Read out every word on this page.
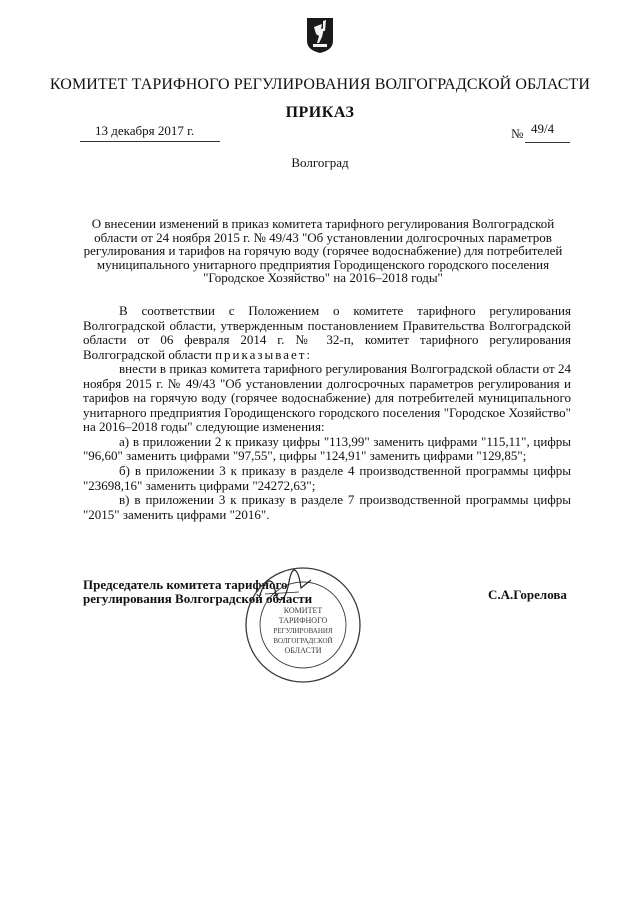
КОМИТЕТ ТАРИФНОГО РЕГУЛИРОВАНИЯ ВОЛГОГРАДСКОЙ ОБЛАСТИ
ПРИКАЗ
13 декабря 2017 г.	№ 49/4
Волгоград
О внесении изменений в приказ комитета тарифного регулирования Волгоградской
области от 24 ноября 2015 г. № 49/43 "Об установлении долгосрочных параметров
регулирования и тарифов на горячую воду (горячее водоснабжение) для потребителей
муниципального унитарного предприятия Городищенского городского поселения
"Городское Хозяйство" на 2016–2018 годы"

В соответствии с Положением о комитете тарифного регулирования Волгоградской области, утвержденным постановлением Правительства Волгоградской области от 06 февраля 2014 г. № 32-п, комитет тарифного регулирования Волгоградской области приказывает:

внести в приказ комитета тарифного регулирования Волгоградской области от 24 ноября 2015 г. № 49/43 "Об установлении долгосрочных параметров регулирования и тарифов на горячую воду (горячее водоснабжение) для потребителей муниципального унитарного предприятия Городищенского городского поселения "Городское Хозяйство" на 2016–2018 годы" следующие изменения:

а) в приложении 2 к приказу цифры "113,99" заменить цифрами "115,11", цифры "96,60" заменить цифрами "97,55", цифры "124,91" заменить цифрами "129,85";

б) в приложении 3 к приказу в разделе 4 производственной программы цифры "23698,16" заменить цифрами "24272,63";

в) в приложении 3 к приказу в разделе 7 производственной программы цифры "2015" заменить цифрами "2016".

Председатель комитета тарифного
регулирования Волгоградской области	С.А.Горелова
КОМИТЕТ
ТАРИФНОГО
РЕГУЛИРОВАНИЯ
ВОЛГОГРАДСКОЙ
ОБЛАСТИ
